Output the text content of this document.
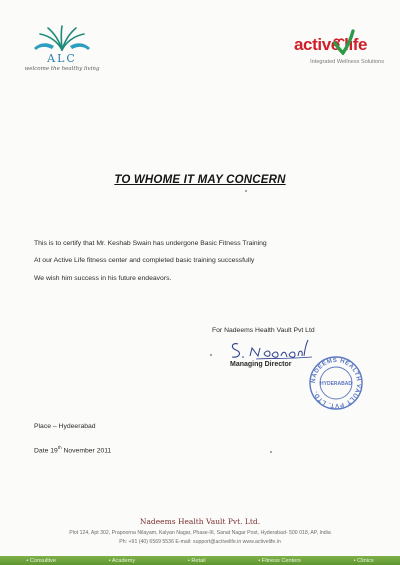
ALC
welcome the healthy living
active life
Integrated Wellness Solutions
TO WHOME IT MAY CONCERN
This is to certify that Mr. Keshab Swain has undergone Basic Fitness Training
At our Active Life fitness center and completed basic training successfully
We wish him success in his future endeavors.
For Nadeems Health Vault Pvt Ltd
Managing Director
NADEEMS HEALTH VAULT PVT. LTD.
HYDERABAD
Place – Hydeerabad
Date 19th November 2011
Nadeems Health Vault Pvt. Ltd.
Plot 124, Apt 302, Prapoorna Nilayam, Kalyan Nagar, Phase-III, Sanat Nagar Post, Hyderabad- 500 018, AP, India
Ph: +91 (40) 6569 5536 E-mail: support@activelife.in www.activelife.in
• Consultive	• Academy	• Retail	• Fitness Centers	• Clinics
